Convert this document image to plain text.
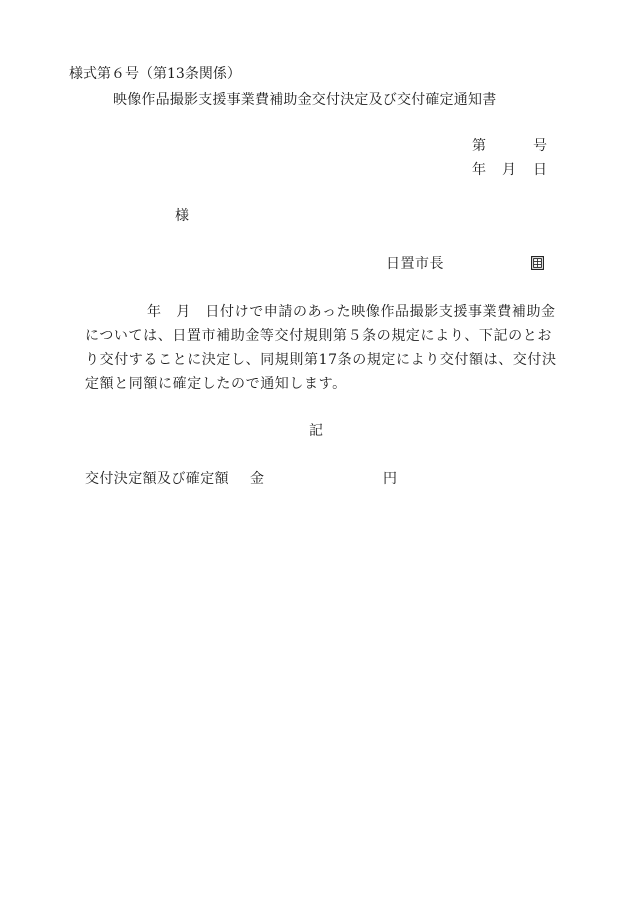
様式第６号（第13条関係）
映像作品撮影支援事業費補助金交付決定及び交付確定通知書
第	号
年 月 日
様
日置市長
年　月　日付けで申請のあった映像作品撮影支援事業費補助金
については、日置市補助金等交付規則第５条の規定により、下記のとお
り交付することに決定し、同規則第17条の規定により交付額は、交付決
定額と同額に確定したので通知します。
記
交付決定額及び確定額 金	円
